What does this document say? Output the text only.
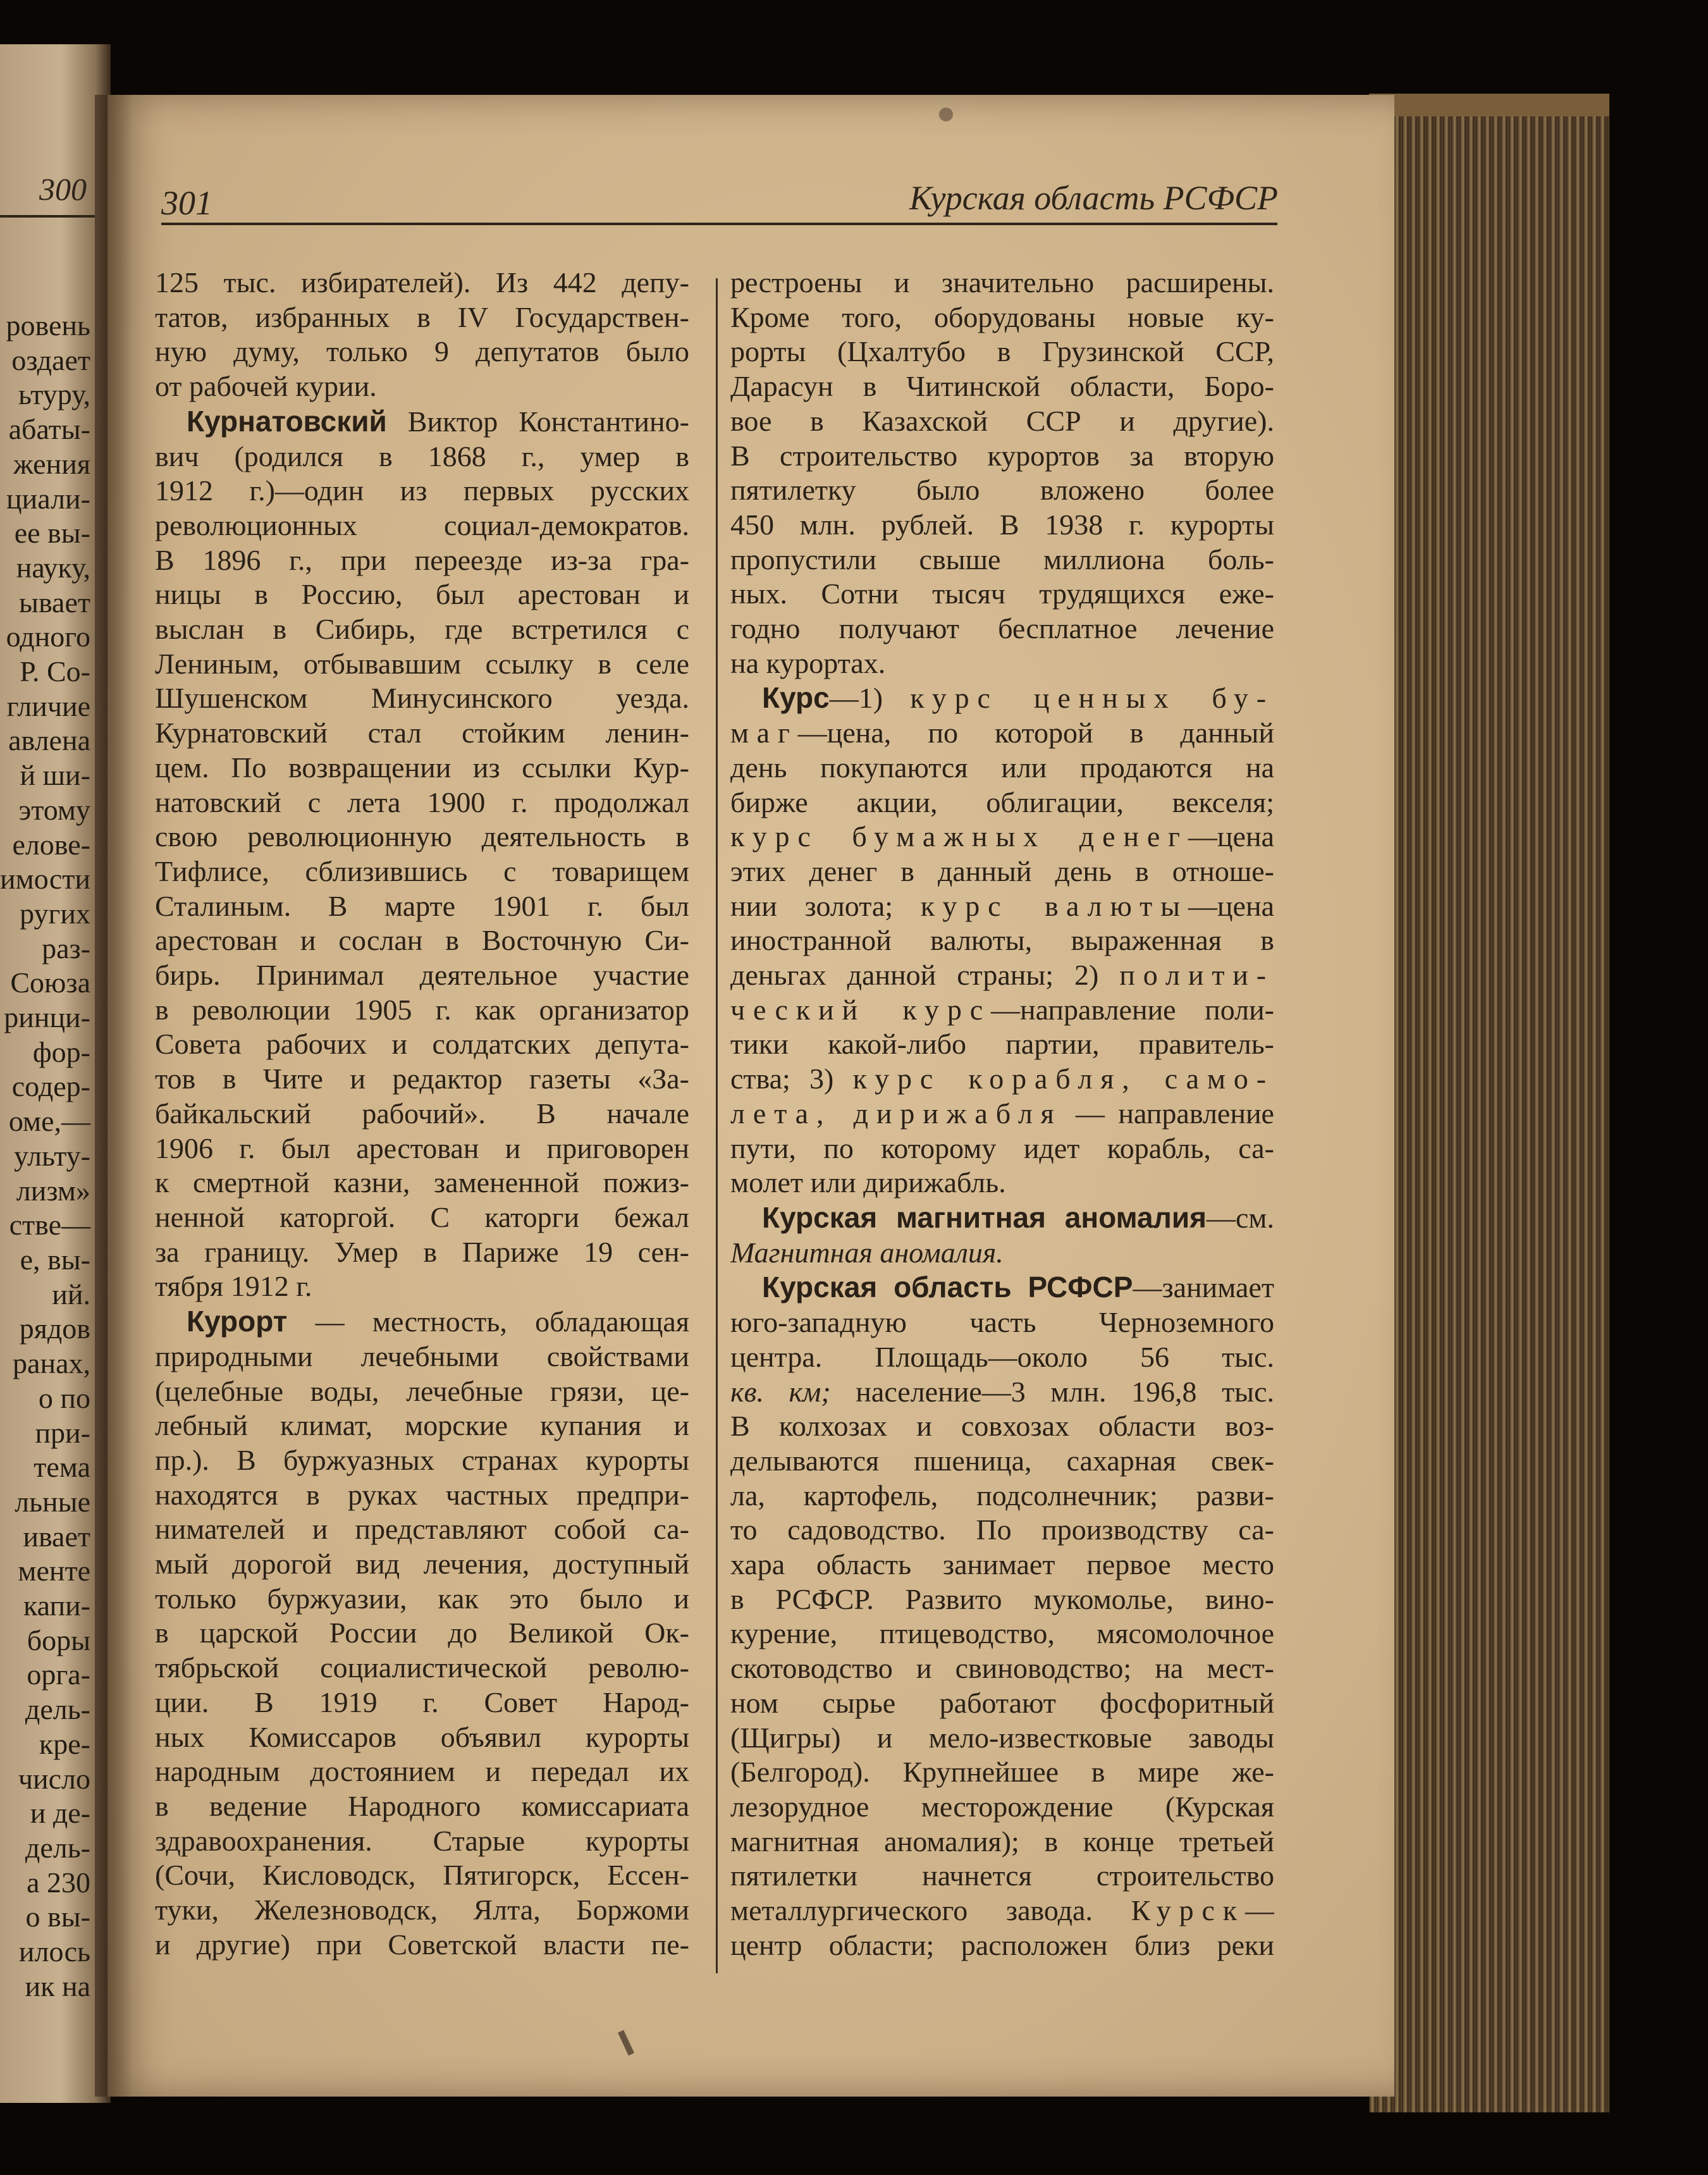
300
ровень
оздает
ьтуру,
абаты-
жения
циали-
ее вы-
науку,
ывает
одного
Р. Со-
гличие
авлена
й ши-
этому
елове-
имости
ругих
раз-
Союза
ринци-
фор-
содер-
оме,—
ульту-
лизм»
стве—
е, вы-
ий.
рядов
ранах,
о по
при-
тема
льные
ивает
менте
капи-
боры
орга-
дель-
кре-
число
и де-
дель-
а 230
о вы-
илось
ик на
301	Курская область РСФСР
125 тыс. избирателей). Из 442 депу-
татов, избранных в IV Государствен-
ную думу, только 9 депутатов было
от рабочей курии.
Курнатовский Виктор Константино-
вич (родился в 1868 г., умер в
1912 г.)—один из первых русских
революционных социал-демократов.
В 1896 г., при переезде из-за гра-
ницы в Россию, был арестован и
выслан в Сибирь, где встретился с
Лениным, отбывавшим ссылку в селе
Шушенском Минусинского уезда.
Курнатовский стал стойким ленин-
цем. По возвращении из ссылки Кур-
натовский с лета 1900 г. продолжал
свою революционную деятельность в
Тифлисе, сблизившись с товарищем
Сталиным. В марте 1901 г. был
арестован и сослан в Восточную Си-
бирь. Принимал деятельное участие
в революции 1905 г. как организатор
Совета рабочих и солдатских депута-
тов в Чите и редактор газеты «За-
байкальский рабочий». В начале
1906 г. был арестован и приговорен
к смертной казни, замененной пожиз-
ненной каторгой. С каторги бежал
за границу. Умер в Париже 19 сен-
тября 1912 г.
Курорт — местность, обладающая
природными лечебными свойствами
(целебные воды, лечебные грязи, це-
лебный климат, морские купания и
пр.). В буржуазных странах курорты
находятся в руках частных предпри-
нимателей и представляют собой са-
мый дорогой вид лечения, доступный
только буржуазии, как это было и
в царской России до Великой Ок-
тябрьской социалистической револю-
ции. В 1919 г. Совет Народ-
ных Комиссаров объявил курорты
народным достоянием и передал их
в ведение Народного комиссариата
здравоохранения. Старые курорты
(Сочи, Кисловодск, Пятигорск, Ессен-
туки, Железноводск, Ялта, Боржоми
и другие) при Советской власти пе-
рестроены и значительно расширены.
Кроме того, оборудованы новые ку-
рорты (Цхалтубо в Грузинской ССР,
Дарасун в Читинской области, Боро-
вое в Казахской ССР и другие).
В строительство курортов за вторую
пятилетку было вложено более
450 млн. рублей. В 1938 г. курорты
пропустили свыше миллиона боль-
ных. Сотни тысяч трудящихся еже-
годно получают бесплатное лечение
на курортах.
Курс—1) курс ценных бу-
маг—цена, по которой в данный
день покупаются или продаются на
бирже акции, облигации, векселя;
курс бумажных денег—цена
этих денег в данный день в отноше-
нии золота; курс валюты—цена
иностранной валюты, выраженная в
деньгах данной страны; 2) полити-
ческий курс—направление поли-
тики какой-либо партии, правитель-
ства; 3) курс корабля, само-
лета, дирижабля — направление
пути, по которому идет корабль, са-
молет или дирижабль.
Курская магнитная аномалия—см.
Магнитная аномалия.
Курская область РСФСР—занимает
юго-западную часть Черноземного
центра. Площадь—около 56 тыс.
кв. км; население—3 млн. 196,8 тыс.
В колхозах и совхозах области воз-
делываются пшеница, сахарная свек-
ла, картофель, подсолнечник; разви-
то садоводство. По производству са-
хара область занимает первое место
в РСФСР. Развито мукомолье, вино-
курение, птицеводство, мясомолочное
скотоводство и свиноводство; на мест-
ном сырье работают фосфоритный
(Щигры) и мело-известковые заводы
(Белгород). Крупнейшее в мире же-
лезорудное месторождение (Курская
магнитная аномалия); в конце третьей
пятилетки начнется строительство
металлургического завода. Курск—
центр области; расположен близ реки
